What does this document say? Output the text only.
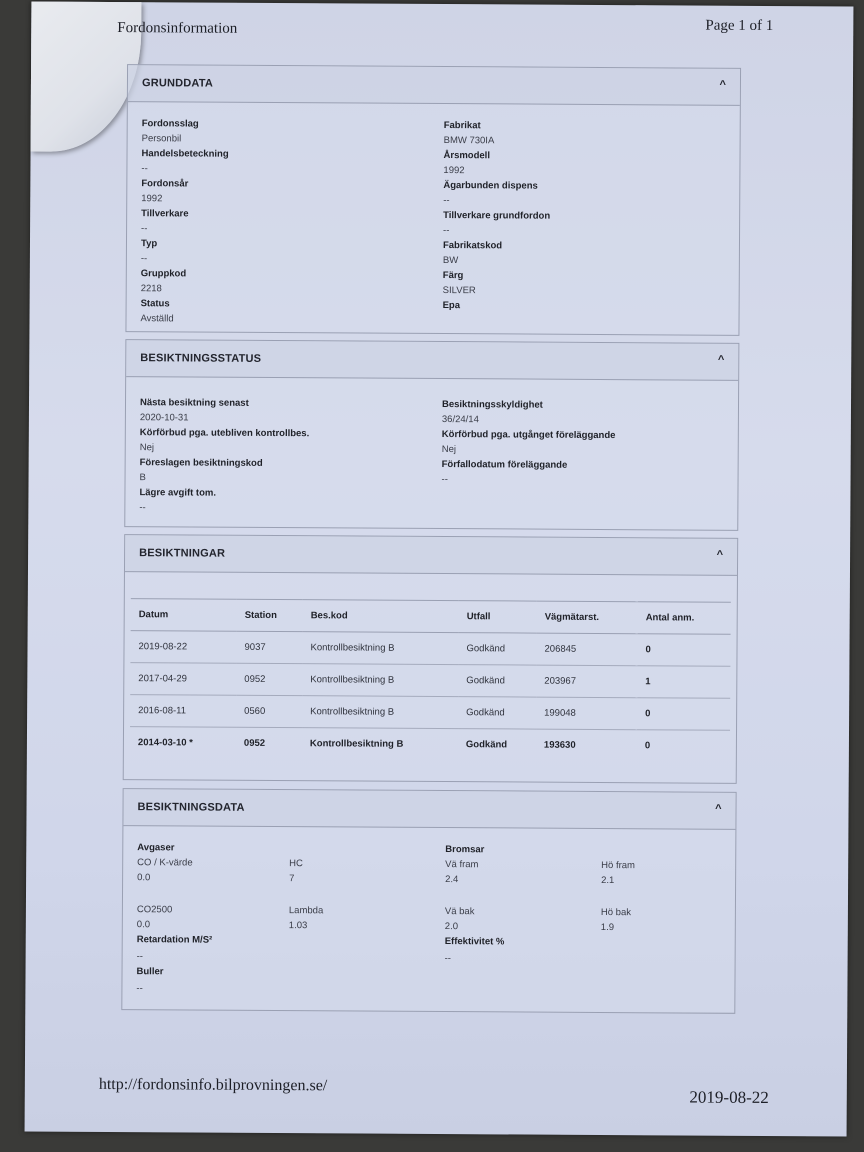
Fordonsinformation	Page 1 of 1
GRUNDDATA	^
Fordonsslag
Personbil
Handelsbeteckning
--
Fordonsår
1992
Tillverkare
--
Typ
--
Gruppkod
2218
Status
Avställd
Fabrikat
BMW 730IA
Årsmodell
1992
Ägarbunden dispens
--
Tillverkare grundfordon
--
Fabrikatskod
BW
Färg
SILVER
Epa
BESIKTNINGSSTATUS	^
Nästa besiktning senast
2020-10-31
Körförbud pga. utebliven kontrollbes.
Nej
Föreslagen besiktningskod
B
Lägre avgift tom.
--
Besiktningsskyldighet
36/24/14
Körförbud pga. utgånget föreläggande
Nej
Förfallodatum föreläggande
--
BESIKTNINGAR	^
Datum	Station	Bes.kod	Utfall	Vägmätarst.	Antal anm.
2019-08-22	9037	Kontrollbesiktning B	Godkänd	206845	0
2017-04-29	0952	Kontrollbesiktning B	Godkänd	203967	1
2016-08-11	0560	Kontrollbesiktning B	Godkänd	199048	0
2014-03-10 *	0952	Kontrollbesiktning B	Godkänd	193630	0
BESIKTNINGSDATA	^
Avgaser
CO / K-värde
0.0
CO2500
0.0
Retardation M/S²
--
Buller
--
HC
7
Lambda
1.03
Bromsar
Vä fram
2.4
Vä bak
2.0
Effektivitet %
--
Hö fram
2.1
Hö bak
1.9
http://fordonsinfo.bilprovningen.se/
2019-08-22
